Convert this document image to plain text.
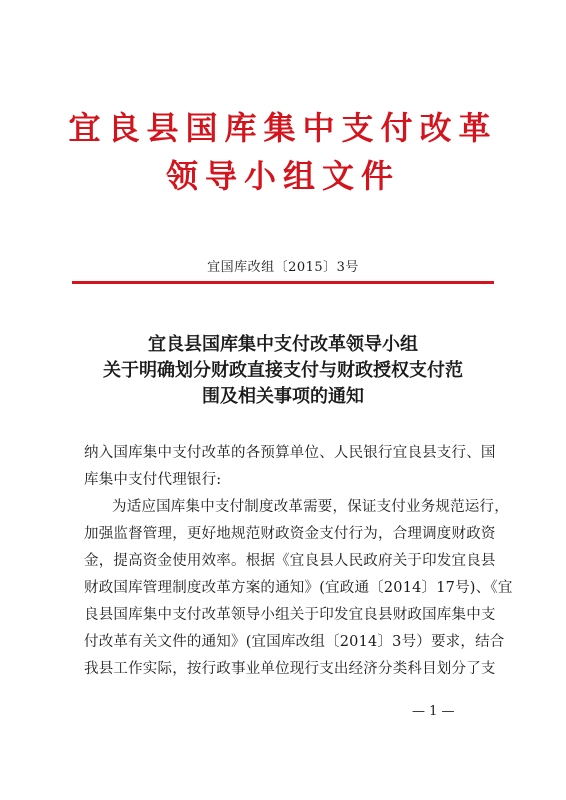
宜良县国库集中支付改革
领导小组文件
宜国库改组〔2015〕3号
宜良县国库集中支付改革领导小组
关于明确划分财政直接支付与财政授权支付范
围及相关事项的通知
纳入国库集中支付改革的各预算单位、人民银行宜良县支行、国
库集中支付代理银行:
为适应国库集中支付制度改革需要，保证支付业务规范运行，
加强监督管理，更好地规范财政资金支付行为，合理调度财政资
金，提高资金使用效率。根据《宜良县人民政府关于印发宜良县
财政国库管理制度改革方案的通知》(宜政通〔2014〕17号)、《宜
良县国库集中支付改革领导小组关于印发宜良县财政国库集中支
付改革有关文件的通知》(宜国库改组〔2014〕3号）要求，结合
我县工作实际，按行政事业单位现行支出经济分类科目划分了支
— 1 —
